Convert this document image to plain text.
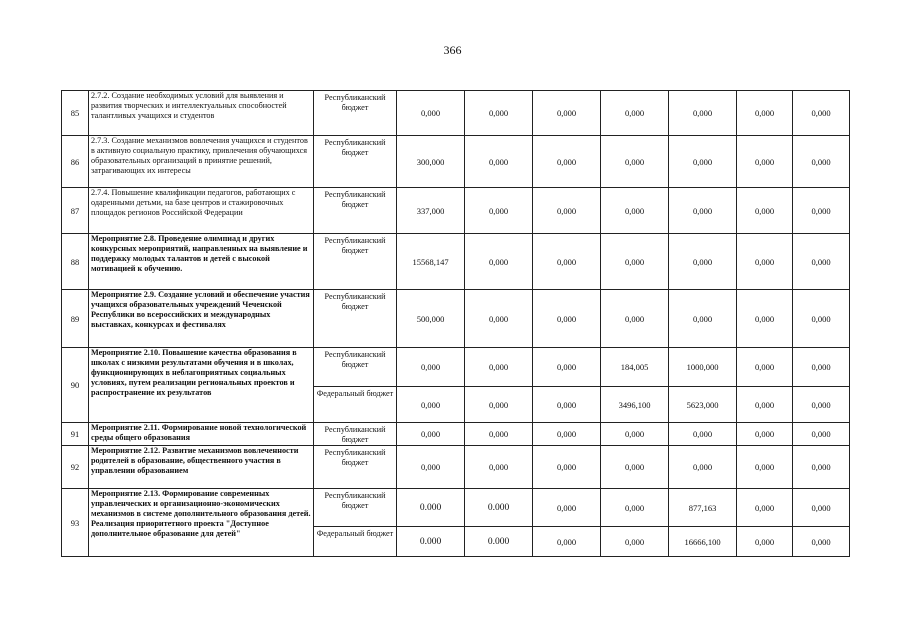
366
85	2.7.2. Создание необходимых условий для выявления и развития творческих и интеллектуальных способностей талантливых учащихся и студентов	Республиканский бюджет	0,000	0,000	0,000	0,000	0,000	0,000	0,000
86	2.7.3. Создание механизмов вовлечения учащихся и студентов в активную социальную практику, привлечения обучающихся образовательных организаций в принятие решений, затрагивающих их интересы	Республиканский бюджет	300,000	0,000	0,000	0,000	0,000	0,000	0,000
87	2.7.4. Повышение квалификации педагогов, работающих с одаренными детьми, на базе центров и стажировочных площадок регионов Российской Федерации	Республиканский бюджет	337,000	0,000	0,000	0,000	0,000	0,000	0,000
88	Мероприятие 2.8. Проведение олимпиад и других конкурсных мероприятий, направленных на выявление и поддержку молодых талантов и детей с высокой мотивацией к обучению.	Республиканский бюджет	15568,147	0,000	0,000	0,000	0,000	0,000	0,000
89	Мероприятие 2.9. Создание условий и обеспечение участия учащихся образовательных учреждений Чеченской Республики во всероссийских и международных выставках, конкурсах и фестивалях	Республиканский бюджет	500,000	0,000	0,000	0,000	0,000	0,000	0,000
90	Мероприятие 2.10. Повышение качества образования в школах с низкими результатами обучения и в школах, функционирующих в неблагоприятных социальных условиях, путем реализации региональных проектов и распространение их результатов	Республиканский бюджет	0,000	0,000	0,000	184,005	1000,000	0,000	0,000
		Федеральный бюджет	0,000	0,000	0,000	3496,100	5623,000	0,000	0,000
91	Мероприятие 2.11. Формирование новой технологической среды общего образования	Республиканский бюджет	0,000	0,000	0,000	0,000	0,000	0,000	0,000
92	Мероприятие 2.12. Развитие механизмов вовлеченности родителей в образование, общественного участия в управлении образованием	Республиканский бюджет	0,000	0,000	0,000	0,000	0,000	0,000	0,000
93	Мероприятие 2.13. Формирование современных управленческих и организационно-экономических механизмов в системе дополнительного образования детей. Реализация приоритетного проекта "Доступное дополнительное образование для детей"	Республиканский бюджет	0.000	0.000	0,000	0,000	877,163	0,000	0,000
		Федеральный бюджет	0.000	0.000	0,000	0,000	16666,100	0,000	0,000
